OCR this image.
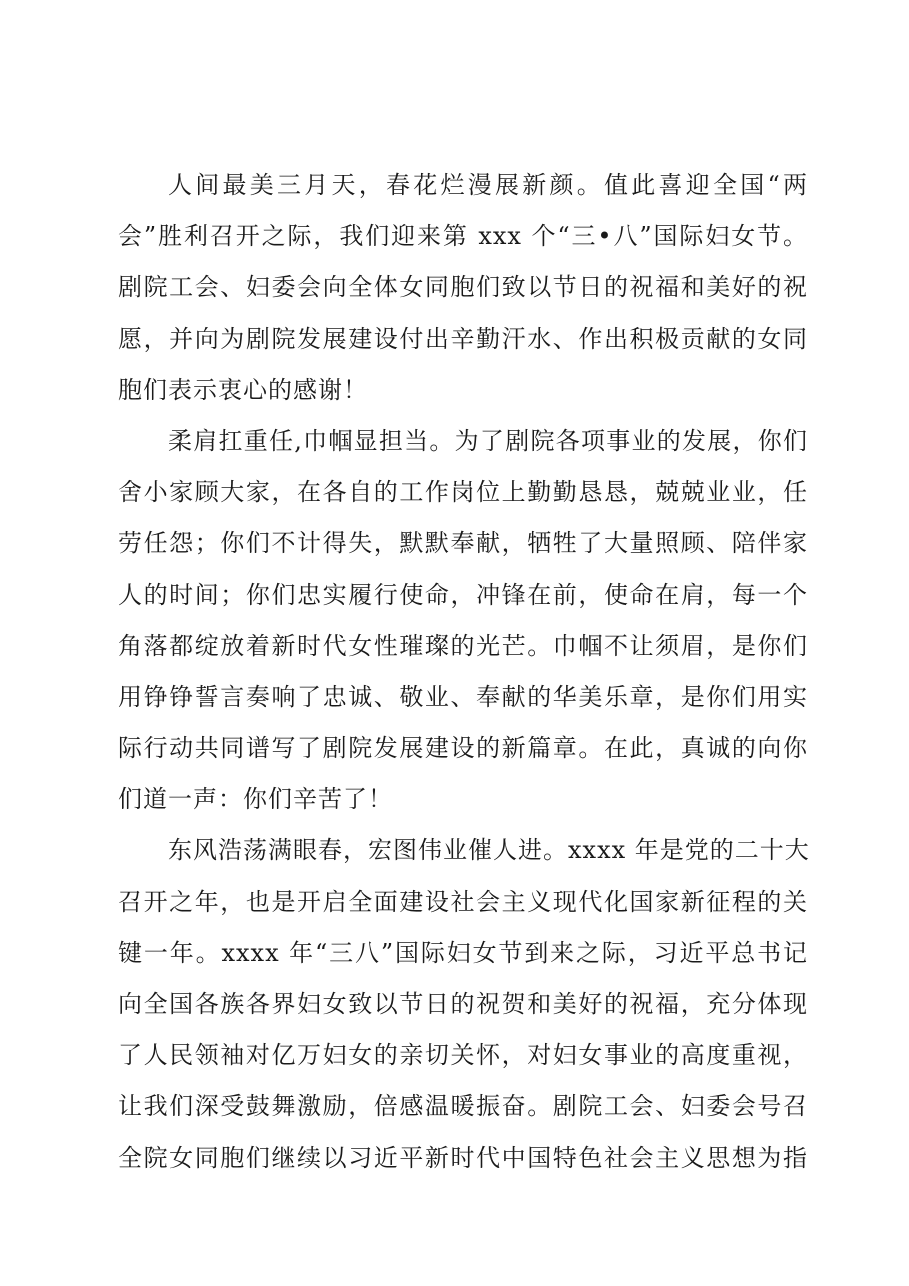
人间最美三月天，春花烂漫展新颜。值此喜迎全国“两
会”胜利召开之际，我们迎来第 xxx 个“三•八”国际妇女节。
剧院工会、妇委会向全体女同胞们致以节日的祝福和美好的祝
愿，并向为剧院发展建设付出辛勤汗水、作出积极贡献的女同
胞们表示衷心的感谢！
柔肩扛重任,巾帼显担当。为了剧院各项事业的发展，你们
舍小家顾大家，在各自的工作岗位上勤勤恳恳，兢兢业业，任
劳任怨；你们不计得失，默默奉献，牺牲了大量照顾、陪伴家
人的时间；你们忠实履行使命，冲锋在前，使命在肩，每一个
角落都绽放着新时代女性璀璨的光芒。巾帼不让须眉，是你们
用铮铮誓言奏响了忠诚、敬业、奉献的华美乐章，是你们用实
际行动共同谱写了剧院发展建设的新篇章。在此，真诚的向你
们道一声：你们辛苦了！
东风浩荡满眼春，宏图伟业催人进。xxxx 年是党的二十大
召开之年，也是开启全面建设社会主义现代化国家新征程的关
键一年。xxxx 年“三八”国际妇女节到来之际，习近平总书记
向全国各族各界妇女致以节日的祝贺和美好的祝福，充分体现
了人民领袖对亿万妇女的亲切关怀，对妇女事业的高度重视，
让我们深受鼓舞激励，倍感温暖振奋。剧院工会、妇委会号召
全院女同胞们继续以习近平新时代中国特色社会主义思想为指
